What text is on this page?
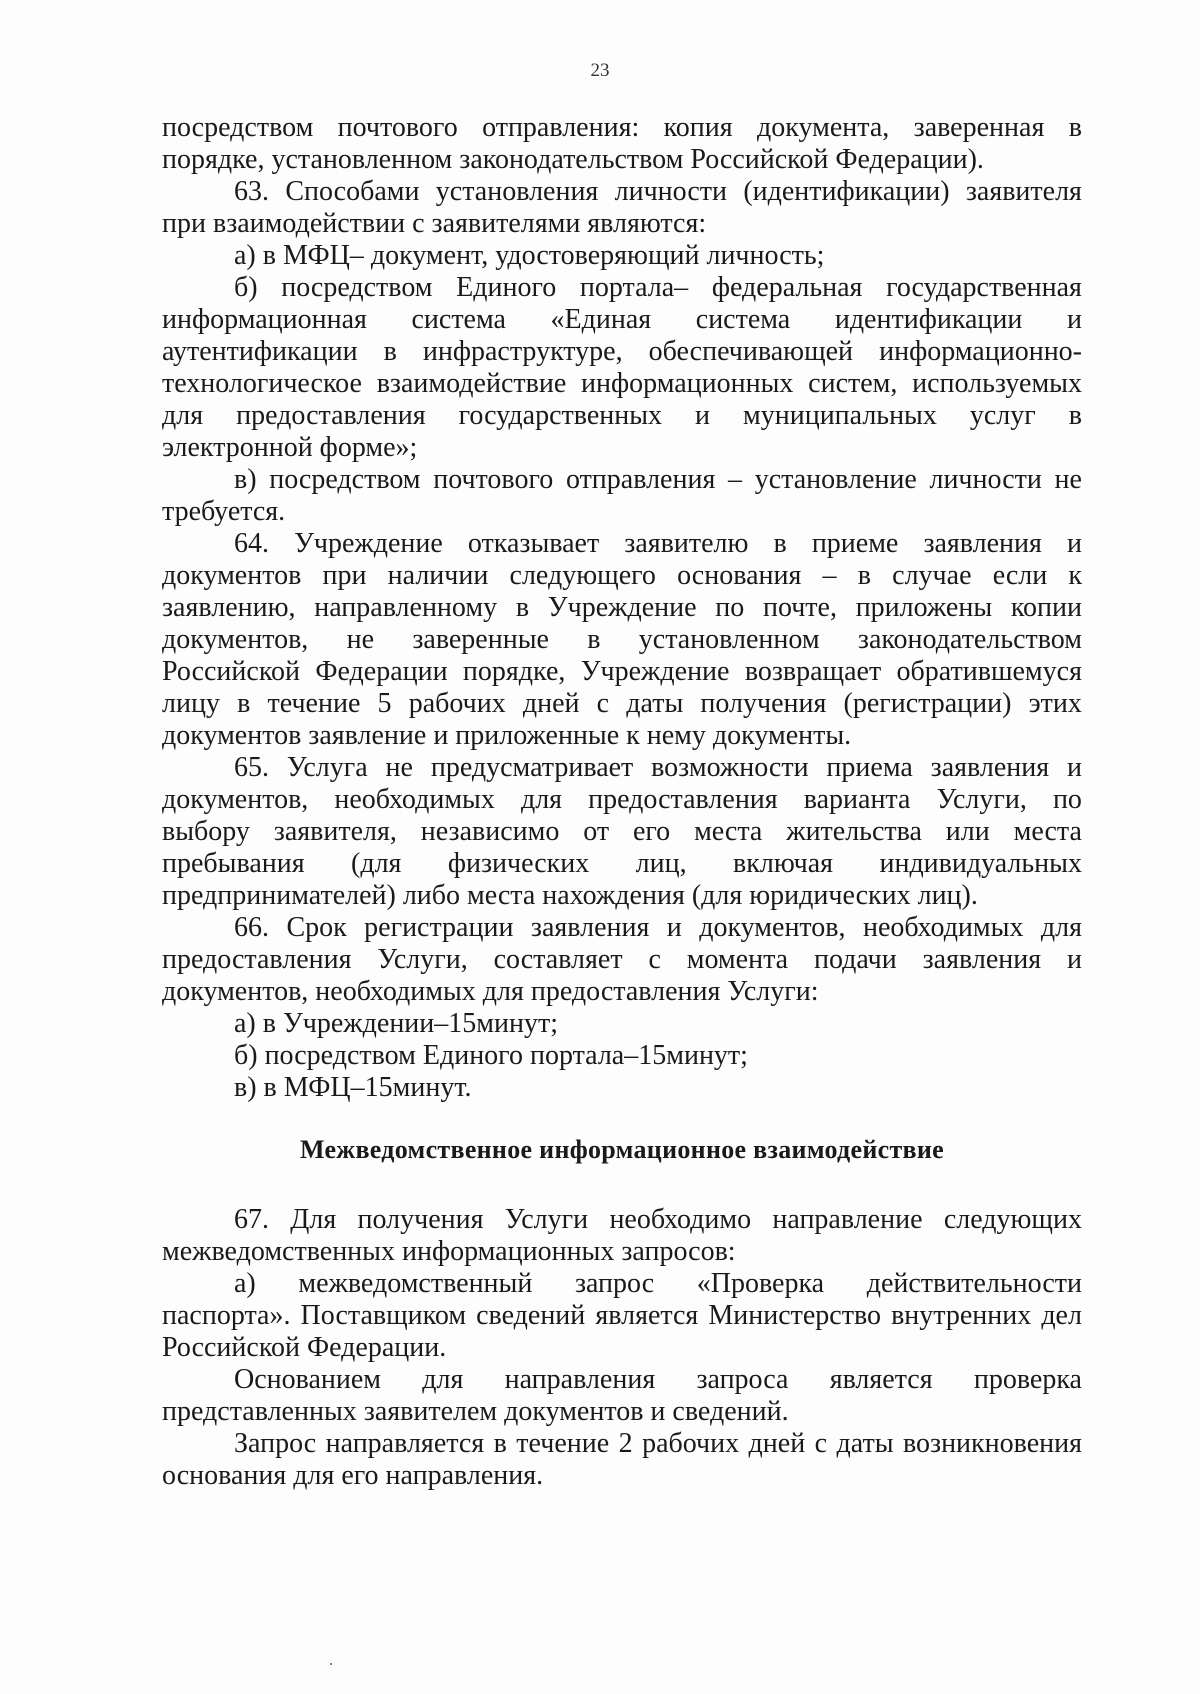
23
посредством почтового отправления: копия документа, заверенная в
порядке, установленном законодательством Российской Федерации).
63. Способами установления личности (идентификации) заявителя
при взаимодействии с заявителями являются:
а) в МФЦ– документ, удостоверяющий личность;
б) посредством Единого портала– федеральная государственная
информационная система «Единая система идентификации и
аутентификации в инфраструктуре, обеспечивающей информационно-
технологическое взаимодействие информационных систем, используемых
для предоставления государственных и муниципальных услуг в
электронной форме»;
в) посредством почтового отправления – установление личности не
требуется.
64. Учреждение отказывает заявителю в приеме заявления и
документов при наличии следующего основания – в случае если к
заявлению, направленному в Учреждение по почте, приложены копии
документов, не заверенные в установленном законодательством
Российской Федерации порядке, Учреждение возвращает обратившемуся
лицу в течение 5 рабочих дней с даты получения (регистрации) этих
документов заявление и приложенные к нему документы.
65. Услуга не предусматривает возможности приема заявления и
документов, необходимых для предоставления варианта Услуги, по
выбору заявителя, независимо от его места жительства или места
пребывания (для физических лиц, включая индивидуальных
предпринимателей) либо места нахождения (для юридических лиц).
66. Срок регистрации заявления и документов, необходимых для
предоставления Услуги, составляет с момента подачи заявления и
документов, необходимых для предоставления Услуги:
а) в Учреждении–15минут;
б) посредством Единого портала–15минут;
в) в МФЦ–15минут.
Межведомственное информационное взаимодействие
67. Для получения Услуги необходимо направление следующих
межведомственных информационных запросов:
а) межведомственный запрос «Проверка действительности
паспорта». Поставщиком сведений является Министерство внутренних дел
Российской Федерации.
Основанием для направления запроса является проверка
представленных заявителем документов и сведений.
Запрос направляется в течение 2 рабочих дней с даты возникновения
основания для его направления.
